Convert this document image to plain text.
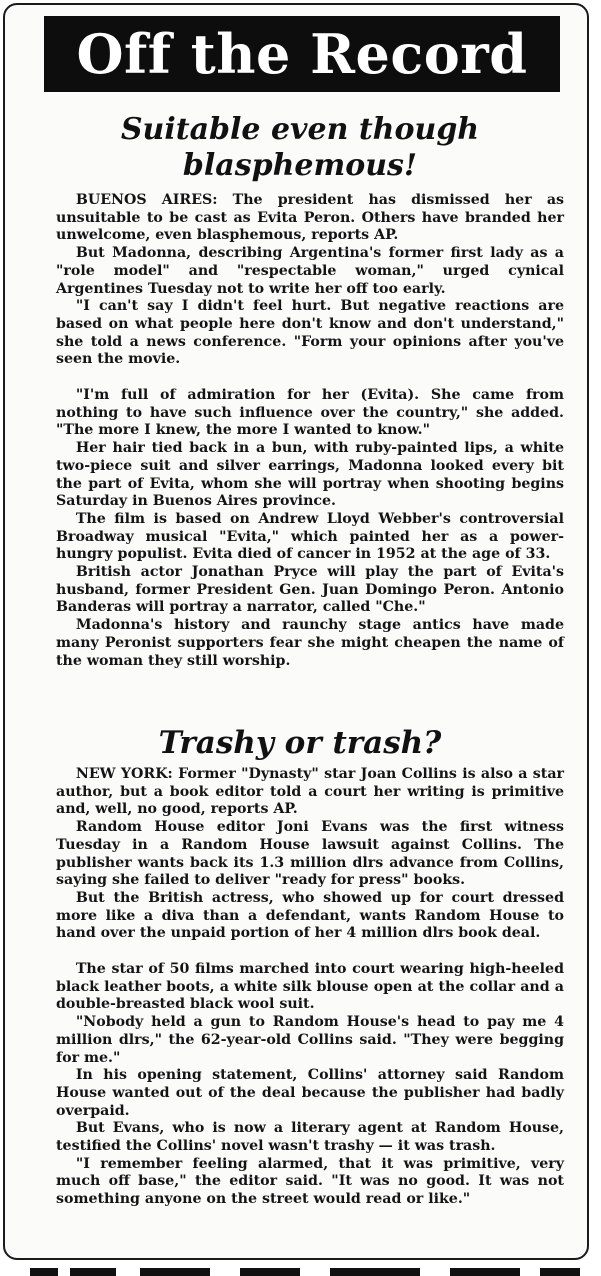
Off the Record
Suitable even though blasphemous!

BUENOS AIRES: The president has dismissed her as unsuitable to be cast as Evita Peron. Others have branded her unwelcome, even blasphemous, reports AP.

But Madonna, describing Argentina's former first lady as a "role model" and "respectable woman," urged cynical Argentines Tuesday not to write her off too early.

"I can't say I didn't feel hurt. But negative reactions are based on what people here don't know and don't understand," she told a news conference. "Form your opinions after you've seen the movie.

"I'm full of admiration for her (Evita). She came from nothing to have such influence over the country," she added. "The more I knew, the more I wanted to know."

Her hair tied back in a bun, with ruby-painted lips, a white two-piece suit and silver earrings, Madonna looked every bit the part of Evita, whom she will portray when shooting begins Saturday in Buenos Aires province.

The film is based on Andrew Lloyd Webber's controversial Broadway musical "Evita," which painted her as a power-hungry populist. Evita died of cancer in 1952 at the age of 33.

British actor Jonathan Pryce will play the part of Evita's husband, former President Gen. Juan Domingo Peron. Antonio Banderas will portray a narrator, called "Che."

Madonna's history and raunchy stage antics have made many Peronist supporters fear she might cheapen the name of the woman they still worship.

Trashy or trash?

NEW YORK: Former "Dynasty" star Joan Collins is also a star author, but a book editor told a court her writing is primitive and, well, no good, reports AP.

Random House editor Joni Evans was the first witness Tuesday in a Random House lawsuit against Collins. The publisher wants back its 1.3 million dlrs advance from Collins, saying she failed to deliver "ready for press" books.

But the British actress, who showed up for court dressed more like a diva than a defendant, wants Random House to hand over the unpaid portion of her 4 million dlrs book deal.

The star of 50 films marched into court wearing high-heeled black leather boots, a white silk blouse open at the collar and a double-breasted black wool suit.

"Nobody held a gun to Random House's head to pay me 4 million dlrs," the 62-year-old Collins said. "They were begging for me."

In his opening statement, Collins' attorney said Random House wanted out of the deal because the publisher had badly overpaid.

But Evans, who is now a literary agent at Random House, testified the Collins' novel wasn't trashy — it was trash.

"I remember feeling alarmed, that it was primitive, very much off base," the editor said. "It was no good. It was not something anyone on the street would read or like."
